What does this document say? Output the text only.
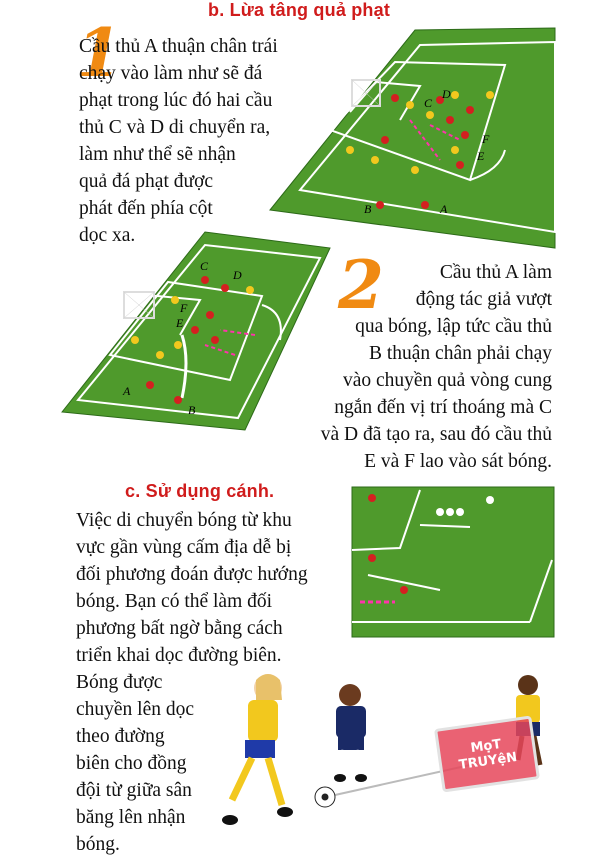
b. Lừa tâng quả phạt
1
Cầu thủ A thuận chân trái
chạy vào làm như sẽ đá
phạt trong lúc đó hai cầu
thủ C và D di chuyển ra,
làm như thể sẽ nhận
quả đá phạt được
phát đến phía cột
dọc xa.
D
C
F
E
B	A
C
D
F
E
A
B
2	Cầu thủ A làm
động tác giả vượt
qua bóng, lập tức cầu thủ
B thuận chân phải chạy
vào chuyền quả vòng cung
ngắn đến vị trí thoáng mà C
và D đã tạo ra, sau đó cầu thủ
E và F lao vào sát bóng.
c. Sử dụng cánh.
Việc di chuyển bóng từ khu
vực gần vùng cấm địa dễ bị
đối phương đoán được hướng
bóng. Bạn có thể làm đối
phương bất ngờ bằng cách
triển khai dọc đường biên.
Bóng được
chuyền lên dọc
theo đường
biên cho đồng
đội từ giữa sân
băng lên nhận
bóng.
MọT TRUYệN
